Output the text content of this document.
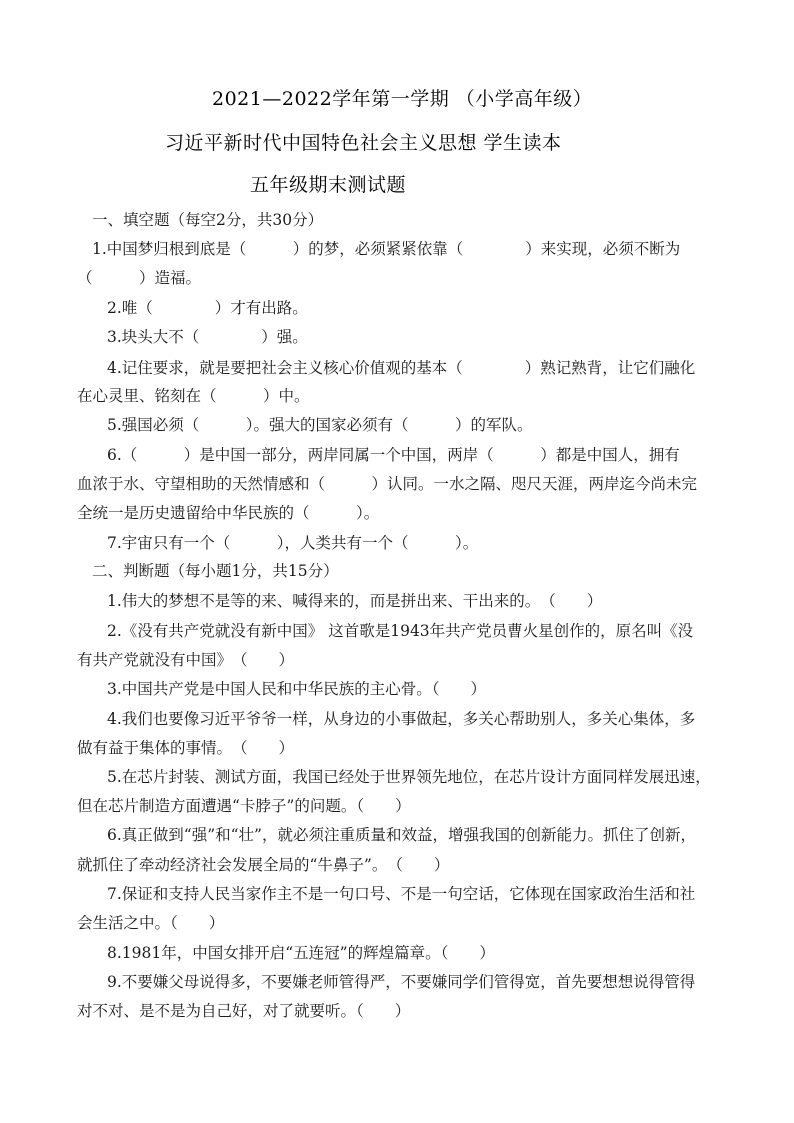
2021—2022学年第一学期 （小学高年级）
习近平新时代中国特色社会主义思想 学生读本
五年级期末测试题
一、填空题（每空2分，共30分）
1.中国梦归根到底是（　　　）的梦，必须紧紧依靠（　　　　）来实现，必须不断为
（　　　）造福。
2.唯（　　　　）才有出路。
3.块头大不（　　　　）强。
4.记住要求，就是要把社会主义核心价值观的基本（　　　　）熟记熟背，让它们融化
在心灵里、铭刻在（　　　）中。
5.强国必须（　　　）。强大的国家必须有（　　　）的军队。
6.（　　　）是中国一部分，两岸同属一个中国，两岸（　　　）都是中国人，拥有
血浓于水、守望相助的天然情感和（　　　）认同。一水之隔、咫尺天涯，两岸迄今尚未完
全统一是历史遗留给中华民族的（　　　）。
7.宇宙只有一个（　　　），人类共有一个（　　　）。
二、判断题（每小题1分，共15分）
1.伟大的梦想不是等的来、喊得来的，而是拼出来、干出来的。　（　　）
2.《没有共产党就没有新中国》 这首歌是1943年共产党员曹火星创作的，原名叫《没
有共产党就没有中国》　（　　）
3.中国共产党是中国人民和中华民族的主心骨。（　　）
4.我们也要像习近平爷爷一样，从身边的小事做起，多关心帮助别人，多关心集体，多
做有益于集体的事情。　（　　）
5.在芯片封装、测试方面，我国已经处于世界领先地位，在芯片设计方面同样发展迅速，
但在芯片制造方面遭遇“卡脖子”的问题。（　　）
6.真正做到“强”和“壮”，就必须注重质量和效益，增强我国的创新能力。抓住了创新，
就抓住了牵动经济社会发展全局的“牛鼻子”。　（　　）
7.保证和支持人民当家作主不是一句口号、不是一句空话，它体现在国家政治生活和社
会生活之中。（　　）
8.1981年，中国女排开启“五连冠”的辉煌篇章。（　　）
9.不要嫌父母说得多，不要嫌老师管得严，不要嫌同学们管得宽，首先要想想说得管得
对不对、是不是为自己好，对了就要听。（　　）
